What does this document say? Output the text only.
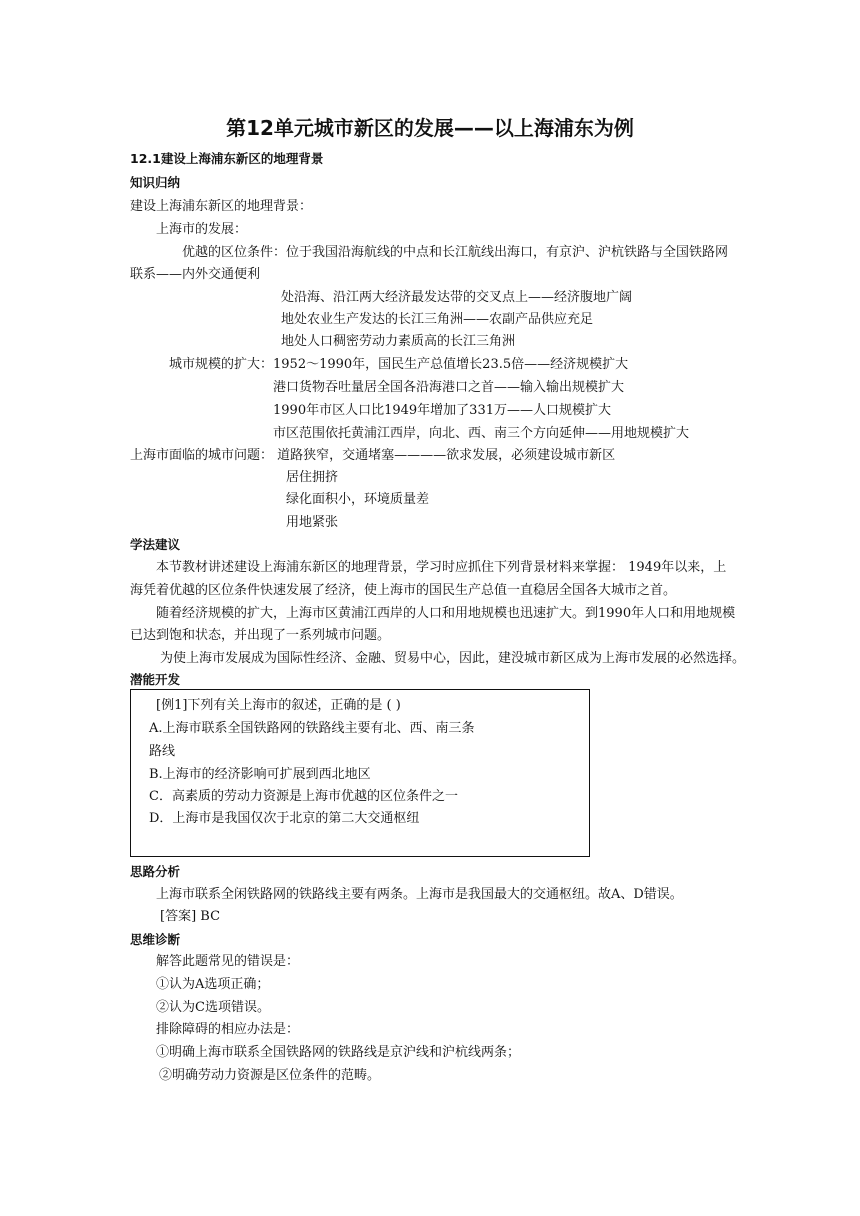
第12单元城市新区的发展——以上海浦东为例
12.1建设上海浦东新区的地理背景
知识归纳
建设上海浦东新区的地理背景：
上海市的发展：
优越的区位条件：位于我国沿海航线的中点和长江航线出海口，有京沪、沪杭铁路与全国铁路网
联系——内外交通便利
处沿海、沿江两大经济最发达带的交叉点上——经济腹地广阔
地处农业生产发达的长江三角洲——农副产品供应充足
地处人口稠密劳动力素质高的长江三角洲
城市规模的扩大：1952～1990年，国民生产总值增长23.5倍——经济规模扩大
港口货物吞吐量居全国各沿海港口之首——输入输出规模扩大
1990年市区人口比1949年增加了331万——人口规模扩大
市区范围依托黄浦江西岸，向北、西、南三个方向延伸——用地规模扩大
上海市面临的城市问题： 道路狭窄，交通堵塞————欲求发展，必须建设城市新区
居住拥挤
绿化面积小，环境质量差
用地紧张
学法建议
本节教材讲述建设上海浦东新区的地理背景，学习时应抓住下列背景材料来掌握： 1949年以来，上
海凭着优越的区位条件快速发展了经济，使上海市的国民生产总值一直稳居全国各大城市之首。
随着经济规模的扩大，上海市区黄浦江西岸的人口和用地规模也迅速扩大。到1990年人口和用地规模
已达到饱和状态，并出现了一系列城市问题。
为使上海市发展成为国际性经济、金融、贸易中心，因此，建没城市新区成为上海市发展的必然选择。
潜能开发
[例1]下列有关上海市的叙述，正确的是 ( )
A.上海市联系全国铁路网的铁路线主要有北、西、南三条
路线
B.上海市的经济影响可扩展到西北地区
C．高素质的劳动力资源是上海市优越的区位条件之一
D．上海市是我国仅次于北京的第二大交通枢纽
思路分析
上海市联系全闲铁路网的铁路线主要有两条。上海市是我国最大的交通枢纽。故A、D错误。
[答案] BC
思维诊断
解答此题常见的错误是：
①认为A选项正确；
②认为C选项错误。
排除障碍的相应办法是：
①明确上海市联系全国铁路网的铁路线是京沪线和沪杭线两条；
②明确劳动力资源是区位条件的范畴。
